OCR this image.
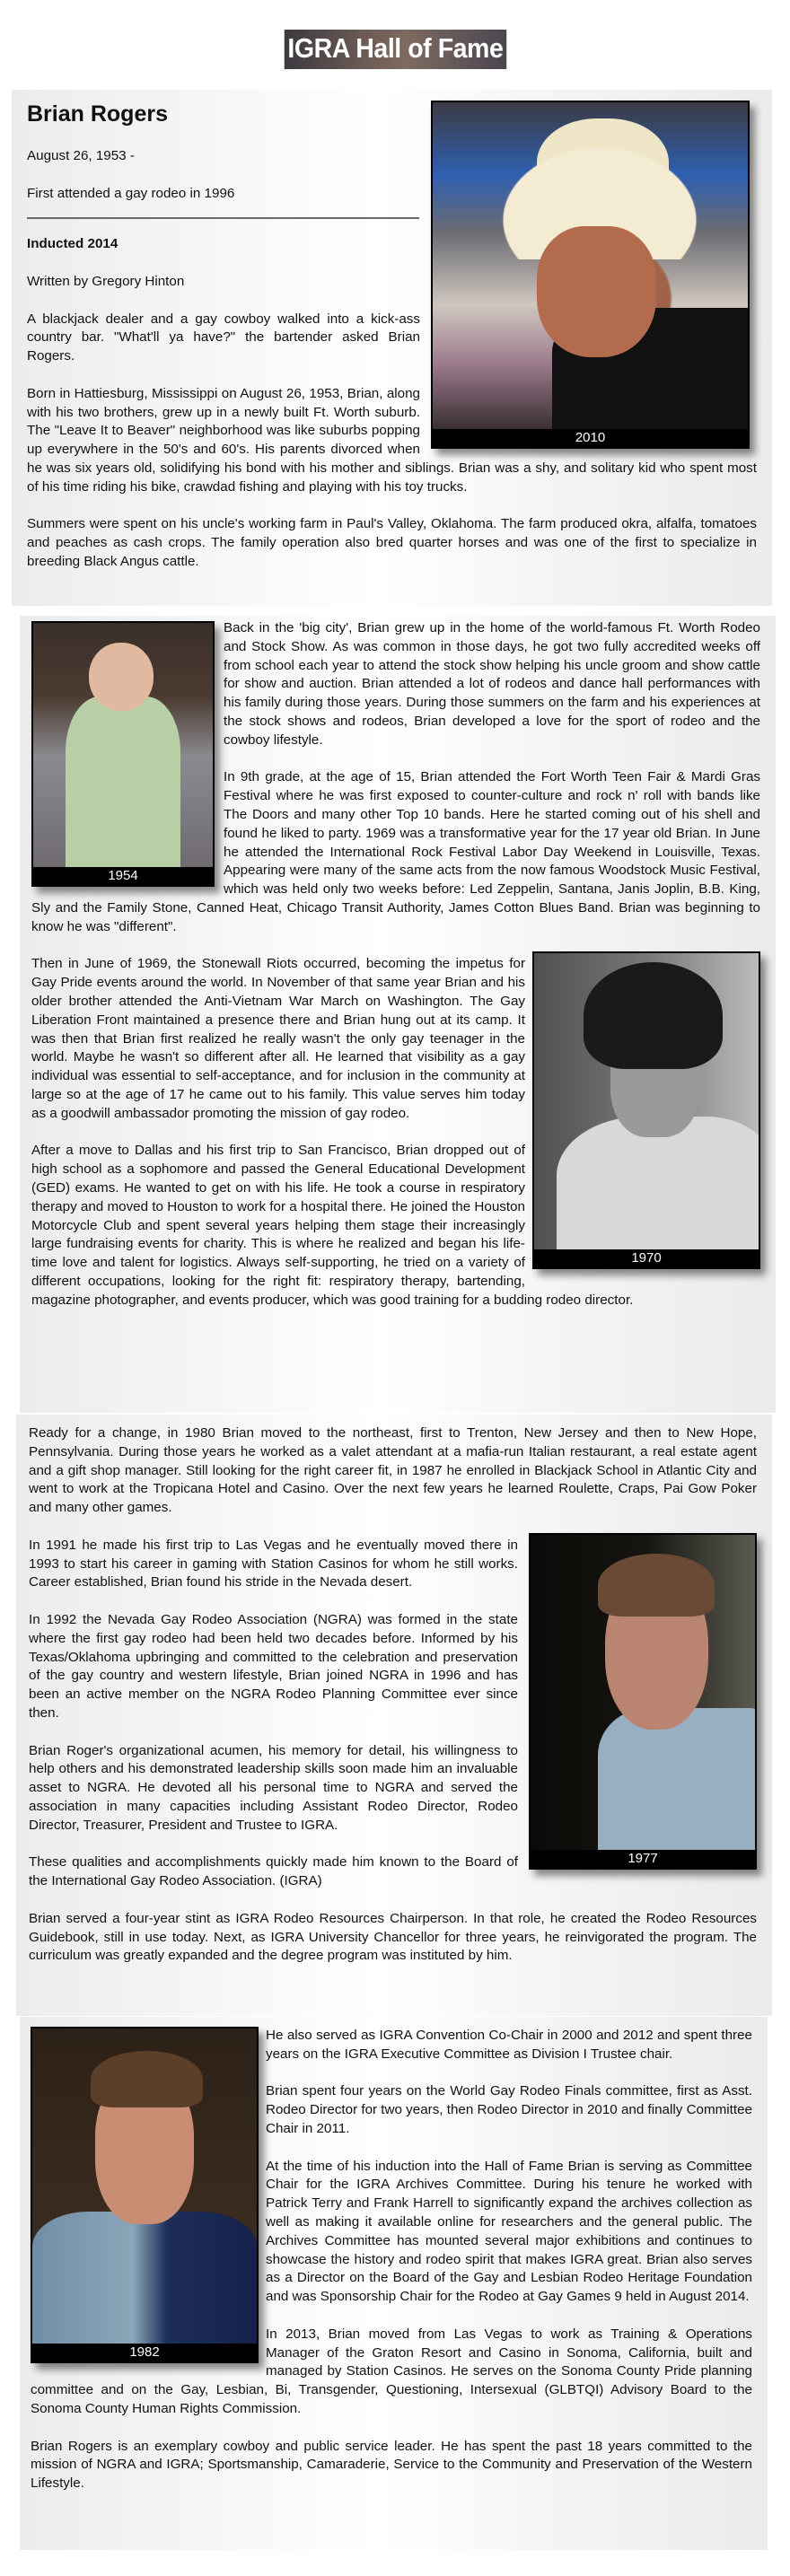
IGRA Hall of Fame
2010
Brian Rogers

August 26, 1953 -

First attended a gay rodeo in 1996

Inducted 2014

Written by Gregory Hinton

A blackjack dealer and a gay cowboy walked into a kick-ass country bar. "What'll ya have?" the bartender asked Brian Rogers.

Born in Hattiesburg, Mississippi on August 26, 1953, Brian, along with his two brothers, grew up in a newly built Ft. Worth suburb. The "Leave It to Beaver" neighborhood was like suburbs popping up everywhere in the 50's and 60's. His parents divorced when he was six years old, solidifying his bond with his mother and siblings. Brian was a shy, and solitary kid who spent most of his time riding his bike, crawdad fishing and playing with his toy trucks.

Summers were spent on his uncle's working farm in Paul's Valley, Oklahoma. The farm produced okra, alfalfa, tomatoes and peaches as cash crops. The family operation also bred quarter horses and was one of the first to specialize in breeding Black Angus cattle.

1954

Back in the 'big city', Brian grew up in the home of the world-famous Ft. Worth Rodeo and Stock Show. As was common in those days, he got two fully accredited weeks off from school each year to attend the stock show helping his uncle groom and show cattle for show and auction. Brian attended a lot of rodeos and dance hall performances with his family during those years. During those summers on the farm and his experiences at the stock shows and rodeos, Brian developed a love for the sport of rodeo and the cowboy lifestyle.

In 9th grade, at the age of 15, Brian attended the Fort Worth Teen Fair & Mardi Gras Festival where he was first exposed to counter-culture and rock n' roll with bands like The Doors and many other Top 10 bands. Here he started coming out of his shell and found he liked to party. 1969 was a transformative year for the 17 year old Brian. In June he attended the International Rock Festival Labor Day Weekend in Louisville, Texas. Appearing were many of the same acts from the now famous Woodstock Music Festival, which was held only two weeks before: Led Zeppelin, Santana, Janis Joplin, B.B. King, Sly and the Family Stone, Canned Heat, Chicago Transit Authority, James Cotton Blues Band. Brian was beginning to know he was "different".

1970

Then in June of 1969, the Stonewall Riots occurred, becoming the impetus for Gay Pride events around the world. In November of that same year Brian and his older brother attended the Anti-Vietnam War March on Washington. The Gay Liberation Front maintained a presence there and Brian hung out at its camp. It was then that Brian first realized he really wasn't the only gay teenager in the world. Maybe he wasn't so different after all. He learned that visibility as a gay individual was essential to self-acceptance, and for inclusion in the community at large so at the age of 17 he came out to his family. This value serves him today as a goodwill ambassador promoting the mission of gay rodeo.

After a move to Dallas and his first trip to San Francisco, Brian dropped out of high school as a sophomore and passed the General Educational Development (GED) exams. He wanted to get on with his life. He took a course in respiratory therapy and moved to Houston to work for a hospital there. He joined the Houston Motorcycle Club and spent several years helping them stage their increasingly large fundraising events for charity. This is where he realized and began his life-time love and talent for logistics. Always self-supporting, he tried on a variety of different occupations, looking for the right fit: respiratory therapy, bartending, magazine photographer, and events producer, which was good training for a budding rodeo director.

Ready for a change, in 1980 Brian moved to the northeast, first to Trenton, New Jersey and then to New Hope, Pennsylvania. During those years he worked as a valet attendant at a mafia-run Italian restaurant, a real estate agent and a gift shop manager. Still looking for the right career fit, in 1987 he enrolled in Blackjack School in Atlantic City and went to work at the Tropicana Hotel and Casino. Over the next few years he learned Roulette, Craps, Pai Gow Poker and many other games.

1977

In 1991 he made his first trip to Las Vegas and he eventually moved there in 1993 to start his career in gaming with Station Casinos for whom he still works. Career established, Brian found his stride in the Nevada desert.

In 1992 the Nevada Gay Rodeo Association (NGRA) was formed in the state where the first gay rodeo had been held two decades before. Informed by his Texas/Oklahoma upbringing and committed to the celebration and preservation of the gay country and western lifestyle, Brian joined NGRA in 1996 and has been an active member on the NGRA Rodeo Planning Committee ever since then.

Brian Roger's organizational acumen, his memory for detail, his willingness to help others and his demonstrated leadership skills soon made him an invaluable asset to NGRA. He devoted all his personal time to NGRA and served the association in many capacities including Assistant Rodeo Director, Rodeo Director, Treasurer, President and Trustee to IGRA.

These qualities and accomplishments quickly made him known to the Board of the International Gay Rodeo Association. (IGRA)

Brian served a four-year stint as IGRA Rodeo Resources Chairperson. In that role, he created the Rodeo Resources Guidebook, still in use today. Next, as IGRA University Chancellor for three years, he reinvigorated the program. The curriculum was greatly expanded and the degree program was instituted by him.

1982

He also served as IGRA Convention Co-Chair in 2000 and 2012 and spent three years on the IGRA Executive Committee as Division I Trustee chair.

Brian spent four years on the World Gay Rodeo Finals committee, first as Asst. Rodeo Director for two years, then Rodeo Director in 2010 and finally Committee Chair in 2011.

At the time of his induction into the Hall of Fame Brian is serving as Committee Chair for the IGRA Archives Committee. During his tenure he worked with Patrick Terry and Frank Harrell to significantly expand the archives collection as well as making it available online for researchers and the general public. The Archives Committee has mounted several major exhibitions and continues to showcase the history and rodeo spirit that makes IGRA great. Brian also serves as a Director on the Board of the Gay and Lesbian Rodeo Heritage Foundation and was Sponsorship Chair for the Rodeo at Gay Games 9 held in August 2014.

In 2013, Brian moved from Las Vegas to work as Training & Operations Manager of the Graton Resort and Casino in Sonoma, California, built and managed by Station Casinos. He serves on the Sonoma County Pride planning committee and on the Gay, Lesbian, Bi, Transgender, Questioning, Intersexual (GLBTQI) Advisory Board to the Sonoma County Human Rights Commission.

Brian Rogers is an exemplary cowboy and public service leader. He has spent the past 18 years committed to the mission of NGRA and IGRA; Sportsmanship, Camaraderie, Service to the Community and Preservation of the Western Lifestyle.
